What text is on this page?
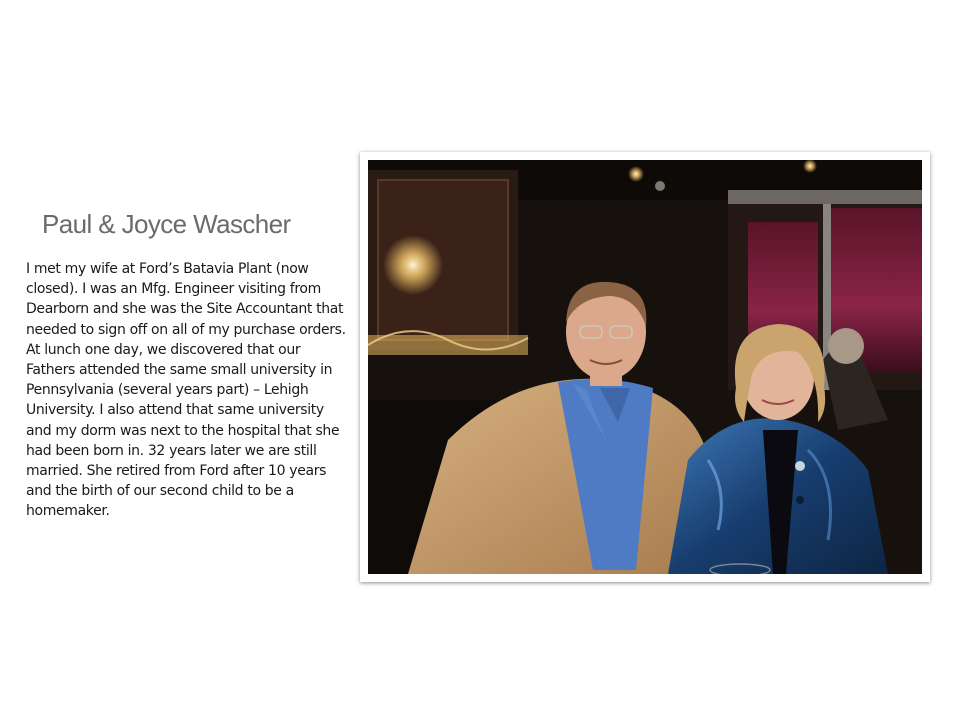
Paul & Joyce Wascher

I met my wife at Ford’s Batavia Plant (now closed). I was an Mfg. Engineer visiting from Dearborn and she was the Site Accountant that needed to sign off on all of my purchase orders. At lunch one day, we discovered that our Fathers attended the same small university in Pennsylvania (several years part) – Lehigh University. I also attend that same university and my dorm was next to the hospital that she had been born in. 32 years later we are still married. She retired from Ford after 10 years and the birth of our second child to be a homemaker.
